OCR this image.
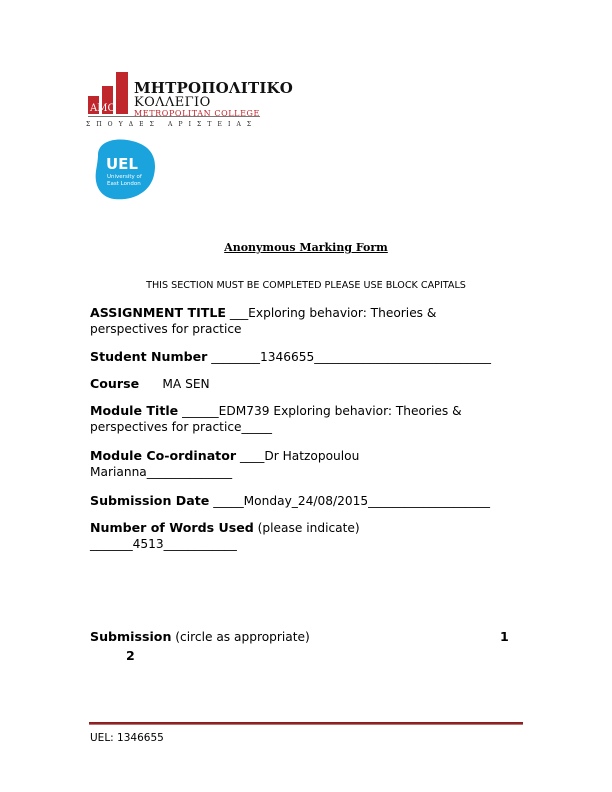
AMC
ΜΗΤΡΟΠΟΛΙΤΙΚΟ
ΚΟΛΛΕΓΙΟ
METROPOLITAN COLLEGE
ΣΠΟΥΔΕΣ ΑΡΙΣΤΕΙΑΣ
UEL
University of
East London
Anonymous Marking Form
THIS SECTION MUST BE COMPLETED PLEASE USE BLOCK CAPITALS
ASSIGNMENT TITLE ___Exploring behavior: Theories &
perspectives for practice
Student Number ________1346655_____________________________
Course      MA SEN
Module Title ______EDM739 Exploring behavior: Theories &
perspectives for practice_____
Module Co-ordinator ____Dr Hatzopoulou
Marianna______________
Submission Date _____Monday_24/08/2015____________________
Number of Words Used (please indicate)
_______4513____________
Submission (circle as appropriate)	1
2
UEL: 1346655
